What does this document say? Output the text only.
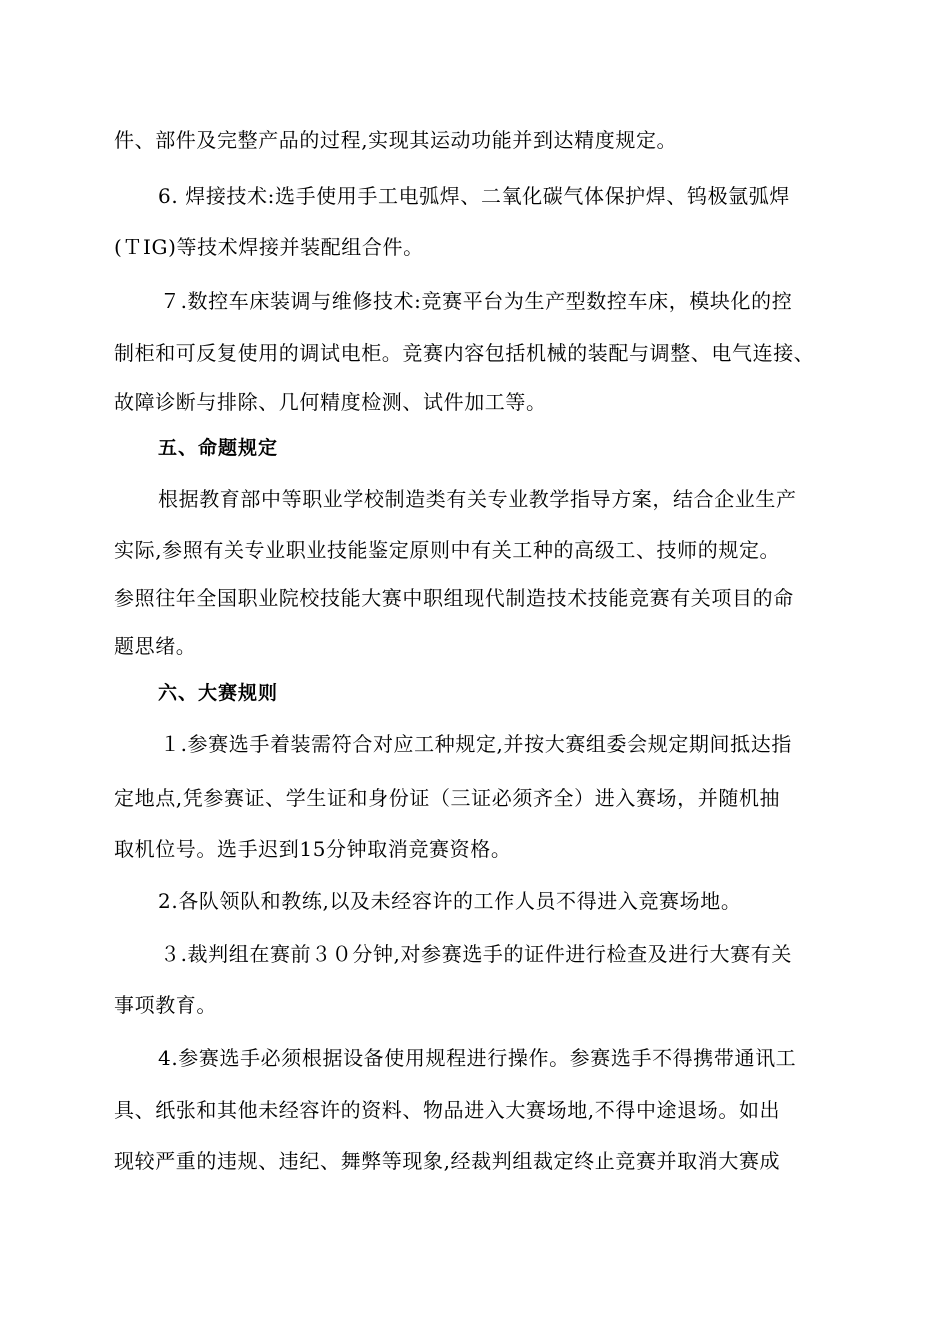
件、部件及完整产品的过程,实现其运动功能并到达精度规定。
6. 焊接技术:选手使用手工电弧焊、二氧化碳气体保护焊、钨极氩弧焊
(ＴIG)等技术焊接并装配组合件。
７.数控车床装调与维修技术:竞赛平台为生产型数控车床，模块化的控
制柜和可反复使用的调试电柜。竞赛内容包括机械的装配与调整、电气连接、
故障诊断与排除、几何精度检测、试件加工等。
五、命题规定
根据教育部中等职业学校制造类有关专业教学指导方案，结合企业生产
实际,参照有关专业职业技能鉴定原则中有关工种的高级工、技师的规定。
参照往年全国职业院校技能大赛中职组现代制造技术技能竞赛有关项目的命
题思绪。
六、大赛规则
１.参赛选手着装需符合对应工种规定,并按大赛组委会规定期间抵达指
定地点,凭参赛证、学生证和身份证（三证必须齐全）进入赛场，并随机抽
取机位号。选手迟到15分钟取消竞赛资格。
2.各队领队和教练,以及未经容许的工作人员不得进入竞赛场地。
３.裁判组在赛前３０分钟,对参赛选手的证件进行检查及进行大赛有关
事项教育。
4.参赛选手必须根据设备使用规程进行操作。参赛选手不得携带通讯工
具、纸张和其他未经容许的资料、物品进入大赛场地,不得中途退场。如出
现较严重的违规、违纪、舞弊等现象,经裁判组裁定终止竞赛并取消大赛成
